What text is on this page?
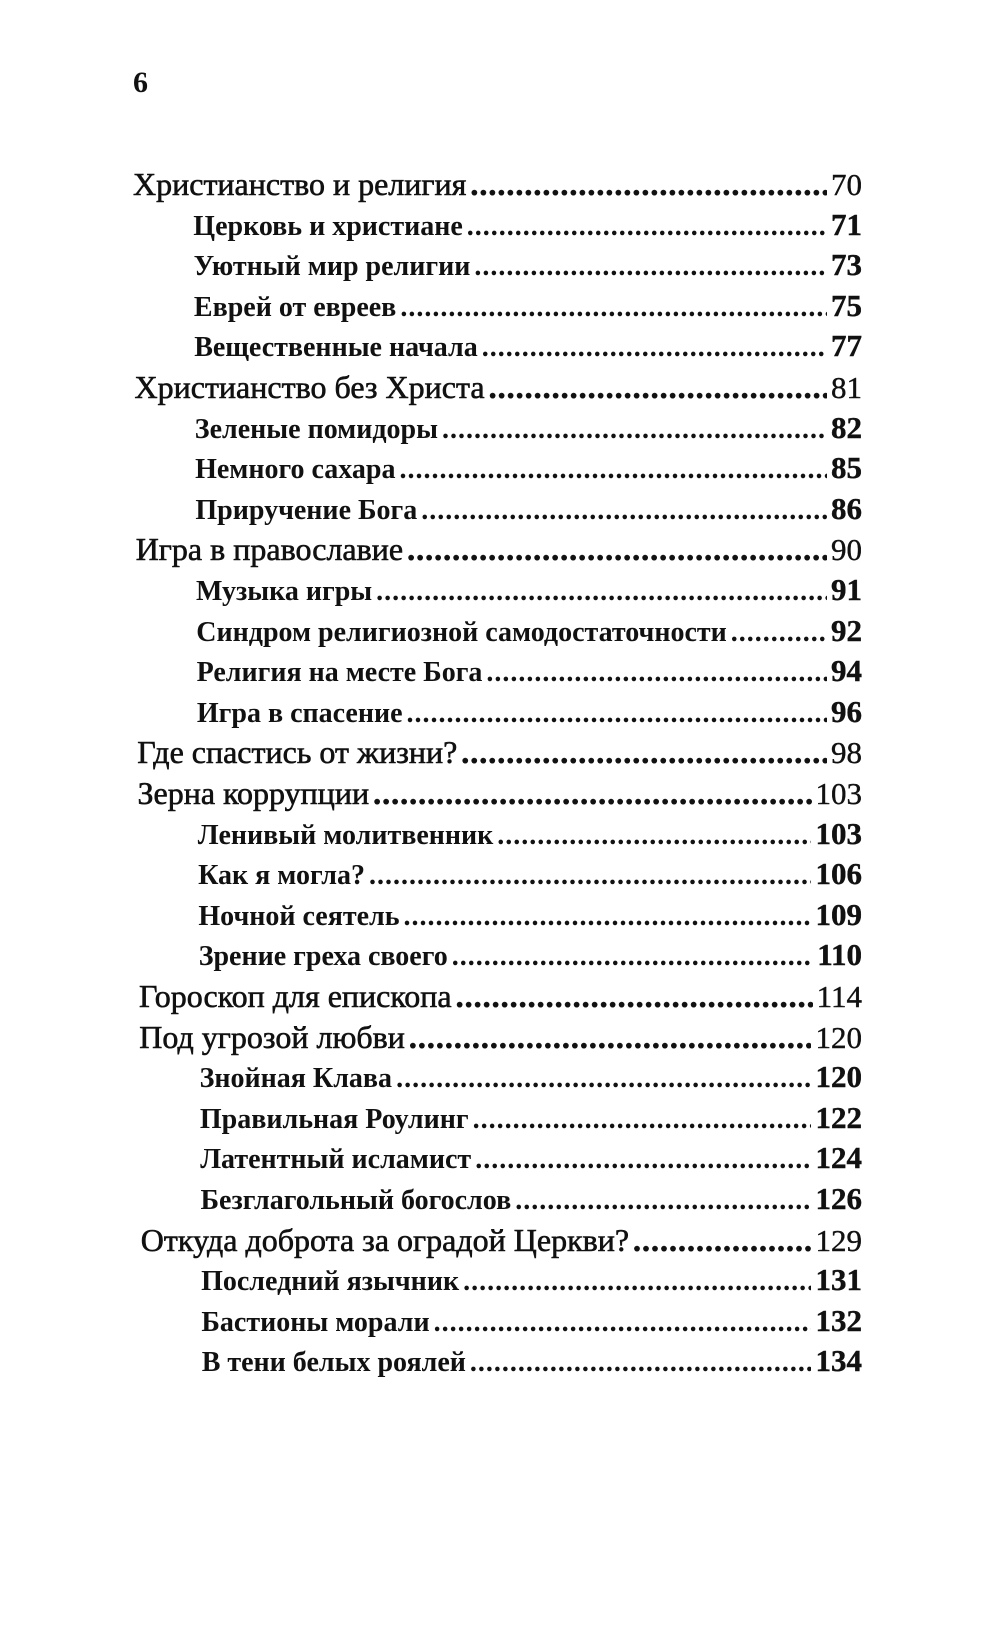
6
Христианство и религия .....	70
Церковь и христиане .....	71
Уютный мир религии .....	73
Еврей от евреев .....	75
Вещественные начала .....	77
Христианство без Христа .....	81
Зеленые помидоры .....	82
Немного сахара .....	85
Приручение Бога .....	86
Игра в православие .....	90
Музыка игры .....	91
Синдром религиозной самодостаточности .....	92
Религия на месте Бога .....	94
Игра в спасение .....	96
Где спастись от жизни? .....	98
Зерна коррупции .....	103
Ленивый молитвенник .....	103
Как я могла? .....	106
Ночной сеятель .....	109
Зрение греха своего .....	110
Гороскоп для епископа .....	114
Под угрозой любви .....	120
Знойная Клава .....	120
Правильная Роулинг .....	122
Латентный исламист .....	124
Безглагольный богослов .....	126
Откуда доброта за оградой Церкви? .....	129
Последний язычник .....	131
Бастионы морали .....	132
В тени белых роялей .....	134
